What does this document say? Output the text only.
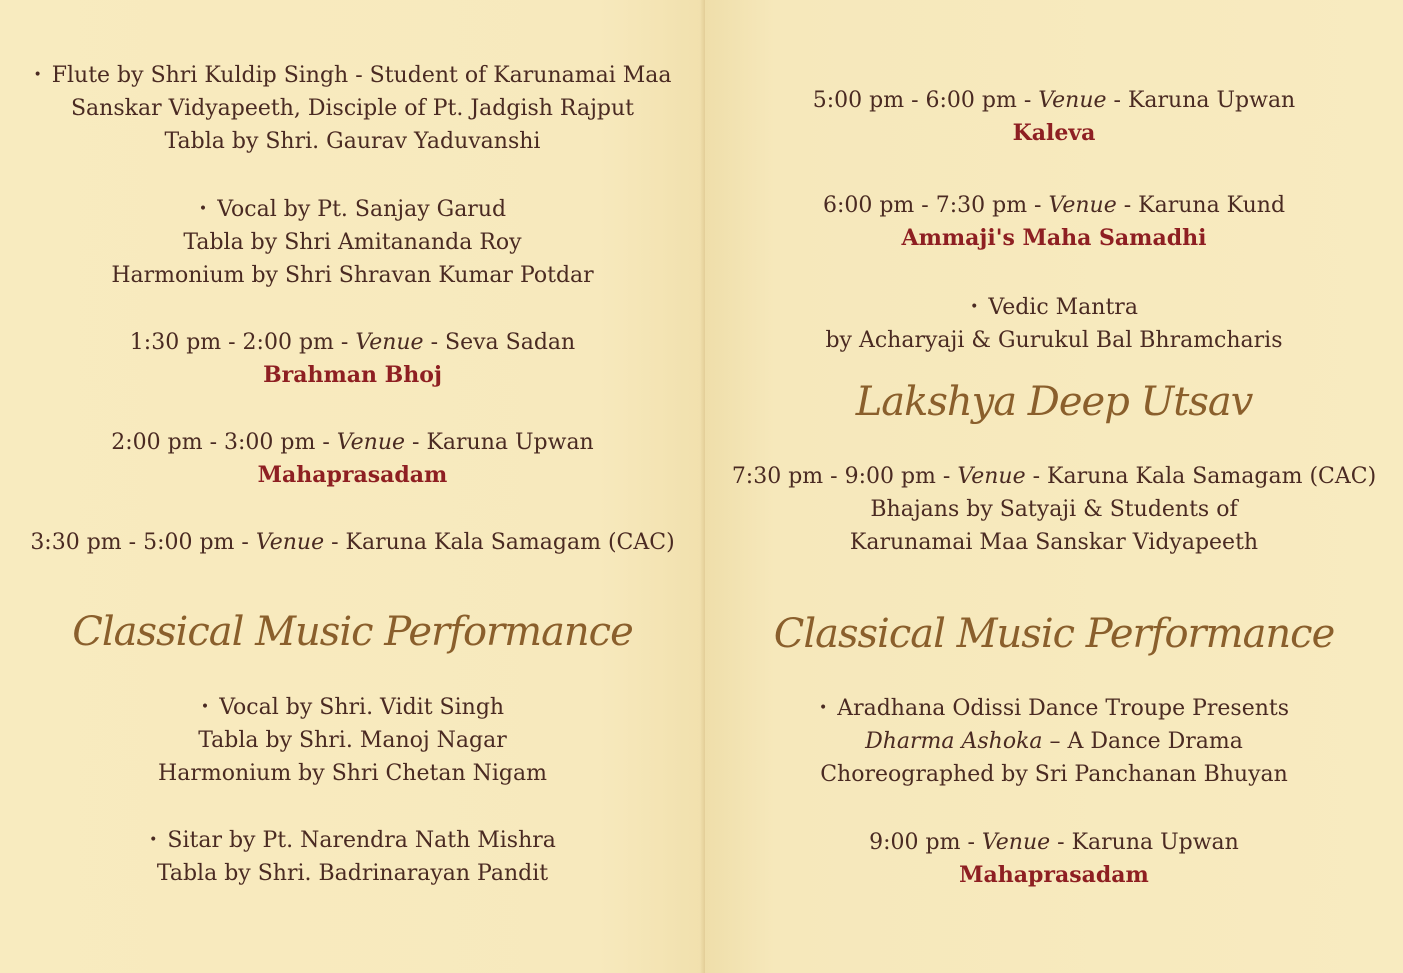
• Flute by Shri Kuldip Singh - Student of Karunamai Maa
Sanskar Vidyapeeth, Disciple of Pt. Jadgish Rajput
Tabla by Shri. Gaurav Yaduvanshi
• Vocal by Pt. Sanjay Garud
Tabla by Shri Amitananda Roy
Harmonium by Shri Shravan Kumar Potdar
1:30 pm - 2:00 pm - Venue - Seva Sadan
Brahman Bhoj
2:00 pm - 3:00 pm - Venue - Karuna Upwan
Mahaprasadam
3:30 pm - 5:00 pm - Venue - Karuna Kala Samagam (CAC)
Classical Music Performance
• Vocal by Shri. Vidit Singh
Tabla by Shri. Manoj Nagar
Harmonium by Shri Chetan Nigam
• Sitar by Pt. Narendra Nath Mishra
Tabla by Shri. Badrinarayan Pandit
5:00 pm - 6:00 pm - Venue - Karuna Upwan
Kaleva
6:00 pm - 7:30 pm - Venue - Karuna Kund
Ammaji's Maha Samadhi
• Vedic Mantra
by Acharyaji & Gurukul Bal Bhramcharis
Lakshya Deep Utsav
7:30 pm - 9:00 pm - Venue - Karuna Kala Samagam (CAC)
Bhajans by Satyaji & Students of
Karunamai Maa Sanskar Vidyapeeth
Classical Music Performance
• Aradhana Odissi Dance Troupe Presents
Dharma Ashoka – A Dance Drama
Choreographed by Sri Panchanan Bhuyan
9:00 pm - Venue - Karuna Upwan
Mahaprasadam
